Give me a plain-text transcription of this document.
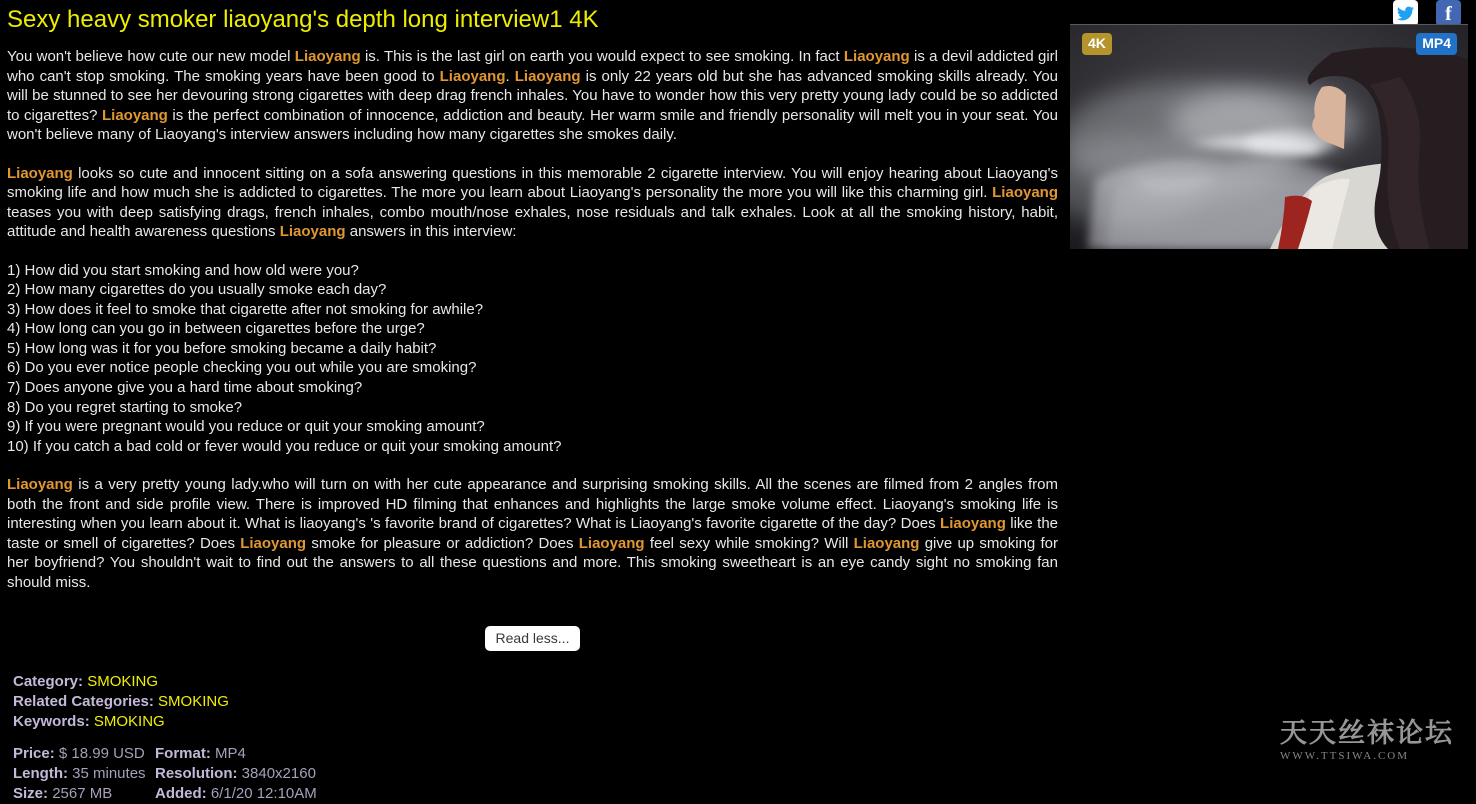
Sexy heavy smoker liaoyang's depth long interview1 4K
You won't believe how cute our new model Liaoyang is. This is the last girl on earth you would expect to see smoking. In fact Liaoyang is a devil addicted girl who can't stop smoking. The smoking years have been good to Liaoyang. Liaoyang is only 22 years old but she has advanced smoking skills already. You will be stunned to see her devouring strong cigarettes with deep drag french inhales. You have to wonder how this very pretty young lady could be so addicted to cigarettes? Liaoyang is the perfect combination of innocence, addiction and beauty. Her warm smile and friendly personality will melt you in your seat. You won't believe many of Liaoyang's interview answers including how many cigarettes she smokes daily.
Liaoyang looks so cute and innocent sitting on a sofa answering questions in this memorable 2 cigarette interview. You will enjoy hearing about Liaoyang's smoking life and how much she is addicted to cigarettes. The more you learn about Liaoyang's personality the more you will like this charming girl. Liaoyang teases you with deep satisfying drags, french inhales, combo mouth/nose exhales, nose residuals and talk exhales. Look at all the smoking history, habit, attitude and health awareness questions Liaoyang answers in this interview:
1) How did you start smoking and how old were you?
2) How many cigarettes do you usually smoke each day?
3) How does it feel to smoke that cigarette after not smoking for awhile?
4) How long can you go in between cigarettes before the urge?
5) How long was it for you before smoking became a daily habit?
6) Do you ever notice people checking you out while you are smoking?
7) Does anyone give you a hard time about smoking?
8) Do you regret starting to smoke?
9) If you were pregnant would you reduce or quit your smoking amount?
10) If you catch a bad cold or fever would you reduce or quit your smoking amount?
Liaoyang is a very pretty young lady.who will turn on with her cute appearance and surprising smoking skills. All the scenes are filmed from 2 angles from both the front and side profile view. There is improved HD filming that enhances and highlights the large smoke volume effect. Liaoyang's smoking life is interesting when you learn about it. What is liaoyang's 's favorite brand of cigarettes? What is Liaoyang's favorite cigarette of the day? Does Liaoyang like the taste or smell of cigarettes? Does Liaoyang smoke for pleasure or addiction? Does Liaoyang feel sexy while smoking? Will Liaoyang give up smoking for her boyfriend? You shouldn't wait to find out the answers to all these questions and more. This smoking sweetheart is an eye candy sight no smoking fan should miss.
Read less...
Category: SMOKING
Related Categories: SMOKING
Keywords: SMOKING
Price: $ 18.99 USD Format: MP4
Length: 35 minutes Resolution: 3840x2160
Size: 2567 MB	Added: 6/1/20 12:10AM
f
4K	MP4
天天丝袜论坛
WWW.TTSIWA.COM
